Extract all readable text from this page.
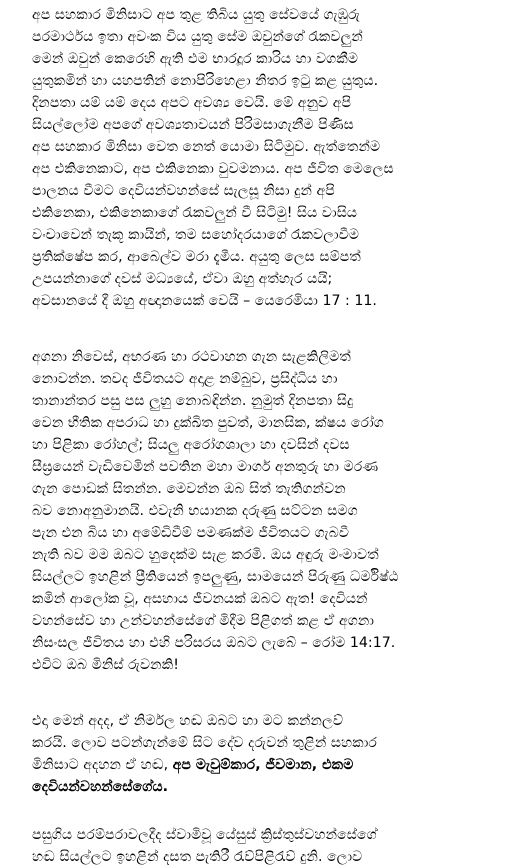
අප සහකාර මිනිසාට අප තුළ තිබිය යුතු සේවයේ ගැඹුරු
පරමාර්ථය ඉතා අවංක විය යුතු සේම ඔවුන්ගේ රැකවලුන්
මෙන් ඔවුන් කෙරෙහි ඇති එම භාරදූර කාරිය හා වගකීම
යුතුකමින් හා යහපතින් නොපිරිහෙළා නිතර ඉටු කළ යුතුය.
දිනපතා යම් යම් දෙය අපට අවශ්‍ය වෙයි. මේ අනුව අපි
සියල්ලෝම අපගේ අවශ්‍යතාවයන් පිරිමසාගැනීම පිණිස
අප සහකාර මිනිසා වෙත නෙත් යොමා සිටිමුව. ඇත්තෙන්ම
අප එකිනෙකාට, අප එකිනෙකා වුවමනාය. අප ජීවිත මෙලෙස
පාලනය වීමට දෙවියන්වහන්සේ සැලසූ නිසා දුන් අපි
එකිනෙකා, එකිනෙකාගේ රැකවලුන් වී සිටිමු! සිය වාසිය
වංචාවෙන් තැකූ කායින්, තම සහෝදරයාගේ රැකවලාවීම
ප්‍රතික්ෂේප කර, ආබෙල්ව මරා දැමීය. අයුතු ලෙස සම්පත්
උපයන්නාගේ දවස් මධ්‍යයේ, ඒවා ඔහු අත්හැර යයි;
අවසානයේ දී ඔහු අඥානයෙක් වෙයි – යෙරෙමියා 17 : 11.
අගනා නිවෙස්, අභරණ හා රථවාහන ගැන සැළකිලිමත්
නොවන්න. තවද ජීවිතයට අදාළ නම්බුව, ප්‍රසිද්ධිය හා
තානාන්තර පසු පස ලුහු නොබඳින්න. නුමුත් දිනපතා සිදු
වෙන භීතික අපරාධ හා දුක්ඛිත පුවත්, මානසික, ක්ෂය රෝග
හා පිළිකා රෝහල්; සියලු අරෝගශාලා හා දවසින් දවස
සීඝ්‍රයෙන් වැඩිවෙමින් පවතින මහා මාර්ග අනතුරු හා මරණ
ගැන පොඩක් සිතන්න. මෙවන්න ඔබ සිත් තැතිගන්වන
බව නොඅනුමානයි. එවැනි භයානක දරුණු සට්ටන සමග
පැන එන බිය හා අමේඩිවීම් පමණක්ම ජීවිතයට ගැබවී
නැති බව මම ඔබට හුදෙක්ම සැළ කරමි. ඔය අඳුරු මංමාවත්
සියල්ලට ඉහළින් ප්‍රීතියෙන් ඉපලුණු, සාමයෙන් පිරුණු ධර්මිෂ්ඨ
කමින් ආලෝක වූ, අසහාය ජීවනයක් ඔබට ඇත! දෙවියන්
වහන්සේව හා උන්වහන්සේගේ මිදීම පිළිගත් කළ ඒ අගනා
නිසංසල ජීවිතය හා එහි පරිසරය ඔබට ලැබේ – රෝම 14:17.
එවිට ඔබ මිනිස් රුවනකි!
එදා මෙන් අදද, ඒ නිර්මල හඬ ඔබට හා මට කන්නලව්
කරයි. ලොව පටන්ගැන්මේ සිට දේව දරුවන් තුළින් සහකාර
මිනිසාට අදහන ඒ හඬ, අප මැවුම්කාර, ජීවමාන, එකම
දෙවියන්වහන්සේගේය.
පසුගිය පරම්පරාවලදීද ස්වාමිවූ යේසුස් ක්‍රිස්තුස්වහන්සේගේ
හඬ සියල්ලට ඉහළින් දසත පැතිරී රැව්පිළිරැව් දුනි. ලොව
